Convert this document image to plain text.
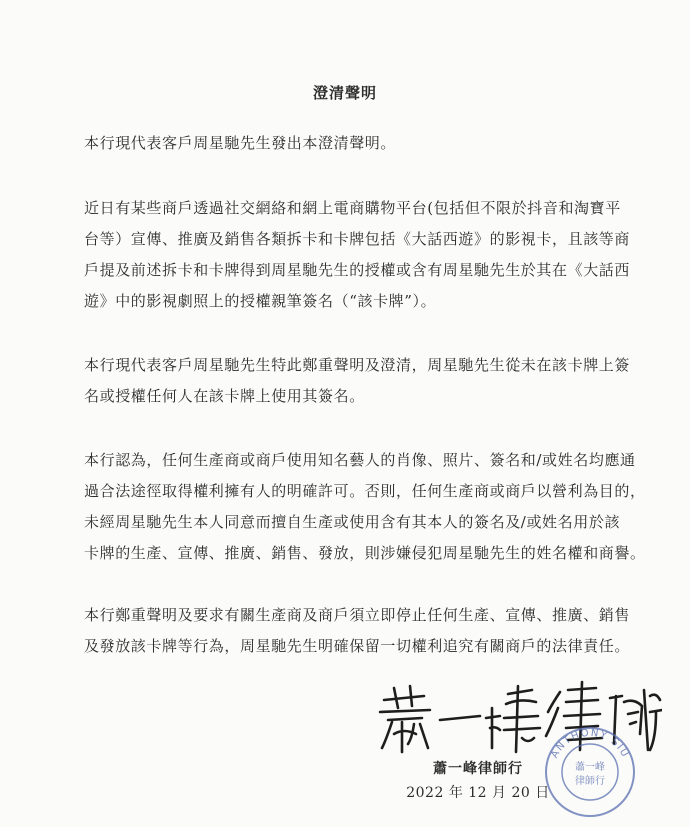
澄清聲明
本行現代表客戶周星馳先生發出本澄清聲明。
近日有某些商戶透過社交網絡和網上電商購物平台(包括但不限於抖音和淘寶平
台等）宣傳、推廣及銷售各類拆卡和卡牌包括《大話西遊》的影視卡，且該等商
戶提及前述拆卡和卡牌得到周星馳先生的授權或含有周星馳先生於其在《大話西
遊》中的影視劇照上的授權親筆簽名（“該卡牌”）。
本行現代表客戶周星馳先生特此鄭重聲明及澄清，周星馳先生從未在該卡牌上簽
名或授權任何人在該卡牌上使用其簽名。
本行認為，任何生產商或商戶使用知名藝人的肖像、照片、簽名和/或姓名均應通
過合法途徑取得權利擁有人的明確許可。否則，任何生產商或商戶以營利為目的，
未經周星馳先生本人同意而擅自生產或使用含有其本人的簽名及/或姓名用於該
卡牌的生產、宣傳、推廣、銷售、發放，則涉嫌侵犯周星馳先生的姓名權和商譽。
本行鄭重聲明及要求有關生產商及商戶須立即停止任何生產、宣傳、推廣、銷售
及發放該卡牌等行為，周星馳先生明確保留一切權利追究有關商戶的法律責任。
蕭一峰律師行
2022 年 12 月 20 日
ANTHONY SIU
蕭一峰
律師行
